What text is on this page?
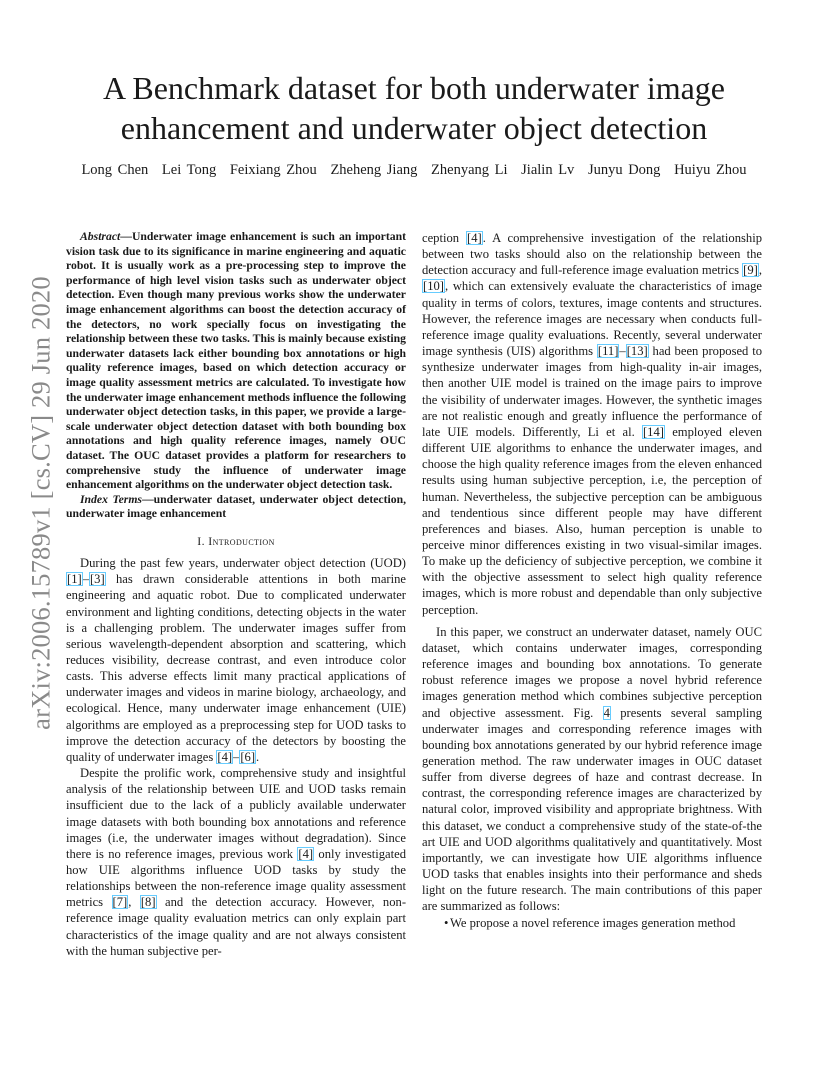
arXiv:2006.15789v1 [cs.CV] 29 Jun 2020
A Benchmark dataset for both underwater image enhancement and underwater object detection
Long Chen Lei Tong Feixiang Zhou Zheheng Jiang Zhenyang Li Jialin Lv Junyu Dong Huiyu Zhou

Abstract—Underwater image enhancement is such an important vision task due to its significance in marine engineering and aquatic robot. It is usually work as a pre-processing step to improve the performance of high level vision tasks such as underwater object detection. Even though many previous works show the underwater image enhancement algorithms can boost the detection accuracy of the detectors, no work specially focus on investigating the relationship between these two tasks. This is mainly because existing underwater datasets lack either bounding box annotations or high quality reference images, based on which detection accuracy or image quality assessment metrics are calculated. To investigate how the underwater image enhancement methods influence the following underwater object detection tasks, in this paper, we provide a large-scale underwater object detection dataset with both bounding box annotations and high quality reference images, namely OUC dataset. The OUC dataset provides a platform for researchers to comprehensive study the influence of underwater image enhancement algorithms on the underwater object detection task.

Index Terms—underwater dataset, underwater object detection, underwater image enhancement

I. Introduction

During the past few years, underwater object detection (UOD) [1]–[3] has drawn considerable attentions in both marine engineering and aquatic robot. Due to complicated underwater environment and lighting conditions, detecting objects in the water is a challenging problem. The underwater images suffer from serious wavelength-dependent absorption and scattering, which reduces visibility, decrease contrast, and even introduce color casts. This adverse effects limit many practical applications of underwater images and videos in marine biology, archaeology, and ecological. Hence, many underwater image enhancement (UIE) algorithms are employed as a preprocessing step for UOD tasks to improve the detection accuracy of the detectors by boosting the quality of underwater images [4]–[6].

Despite the prolific work, comprehensive study and insightful analysis of the relationship between UIE and UOD tasks remain insufficient due to the lack of a publicly available underwater image datasets with both bounding box annotations and reference images (i.e, the underwater images without degradation). Since there is no reference images, previous work [4] only investigated how UIE algorithms influence UOD tasks by study the relationships between the non-reference image quality assessment metrics [7], [8] and the detection accuracy. However, non-reference image quality evaluation metrics can only explain part characteristics of the image quality and are not always consistent with the human subjective per-

ception [4]. A comprehensive investigation of the relationship between two tasks should also on the relationship between the detection accuracy and full-reference image evaluation metrics [9], [10], which can extensively evaluate the characteristics of image quality in terms of colors, textures, image contents and structures. However, the reference images are necessary when conducts full-reference image quality evaluations. Recently, several underwater image synthesis (UIS) algorithms [11]–[13] had been proposed to synthesize underwater images from high-quality in-air images, then another UIE model is trained on the image pairs to improve the visibility of underwater images. However, the synthetic images are not realistic enough and greatly influence the performance of late UIE models. Differently, Li et al. [14] employed eleven different UIE algorithms to enhance the underwater images, and choose the high quality reference images from the eleven enhanced results using human subjective perception, i.e, the perception of human. Nevertheless, the subjective perception can be ambiguous and tendentious since different people may have different preferences and biases. Also, human perception is unable to perceive minor differences existing in two visual-similar images. To make up the deficiency of subjective perception, we combine it with the objective assessment to select high quality reference images, which is more robust and dependable than only subjective perception.

In this paper, we construct an underwater dataset, namely OUC dataset, which contains underwater images, corresponding reference images and bounding box annotations. To generate robust reference images we propose a novel hybrid reference images generation method which combines subjective perception and objective assessment. Fig. 4 presents several sampling underwater images and corresponding reference images with bounding box annotations generated by our hybrid reference image generation method. The raw underwater images in OUC dataset suffer from diverse degrees of haze and contrast decrease. In contrast, the corresponding reference images are characterized by natural color, improved visibility and appropriate brightness. With this dataset, we conduct a comprehensive study of the state-of-the art UIE and UOD algorithms qualitatively and quantitatively. Most importantly, we can investigate how UIE algorithms influence UOD tasks that enables insights into their performance and sheds light on the future research. The main contributions of this paper are summarized as follows:

• We propose a novel reference images generation method
